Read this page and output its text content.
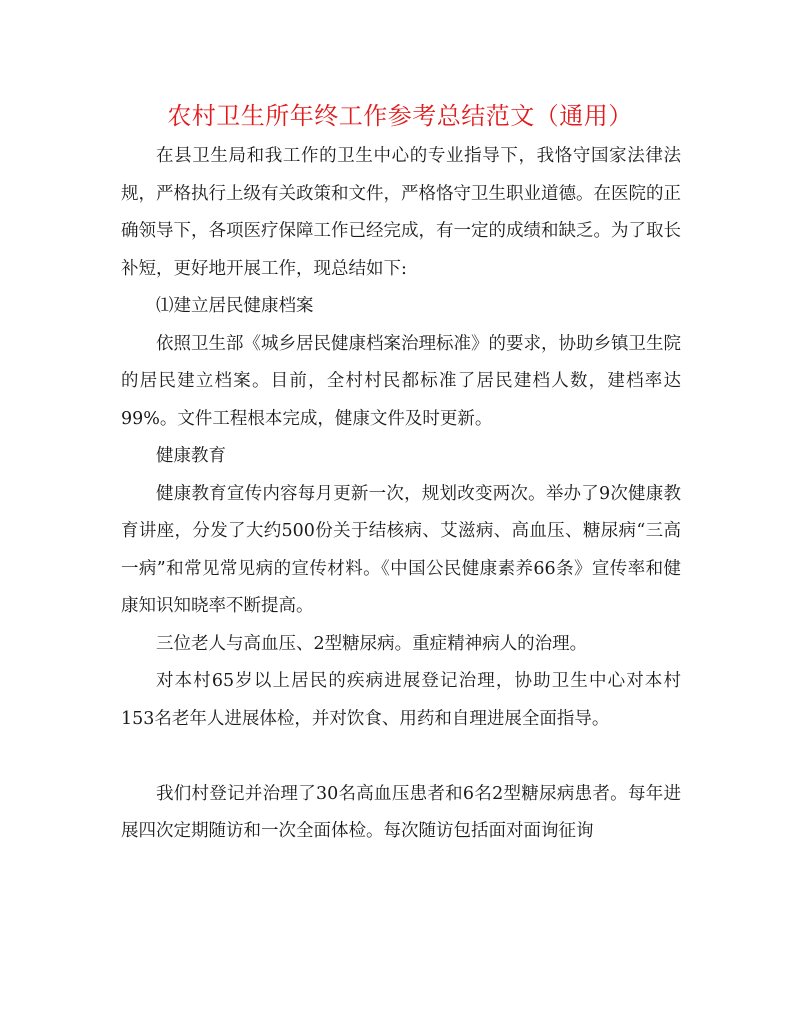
农村卫生所年终工作参考总结范文（通用）

在县卫生局和我工作的卫生中心的专业指导下，我恪守国家法律法规，严格执行上级有关政策和文件，严格恪守卫生职业道德。在医院的正确领导下，各项医疗保障工作已经完成，有一定的成绩和缺乏。为了取长补短，更好地开展工作，现总结如下:

⑴建立居民健康档案

依照卫生部《城乡居民健康档案治理标准》的要求，协助乡镇卫生院的居民建立档案。目前，全村村民都标准了居民建档人数，建档率达99%。文件工程根本完成，健康文件及时更新。

健康教育

健康教育宣传内容每月更新一次，规划改变两次。举办了9次健康教育讲座，分发了大约500份关于结核病、艾滋病、高血压、糖尿病“三高一病”和常见常见病的宣传材料。《中国公民健康素养66条》宣传率和健康知识知晓率不断提高。

三位老人与高血压、2型糖尿病。重症精神病人的治理。

对本村65岁以上居民的疾病进展登记治理，协助卫生中心对本村153名老年人进展体检，并对饮食、用药和自理进展全面指导。

我们村登记并治理了30名高血压患者和6名2型糖尿病患者。每年进展四次定期随访和一次全面体检。每次随访包括面对面询征询
